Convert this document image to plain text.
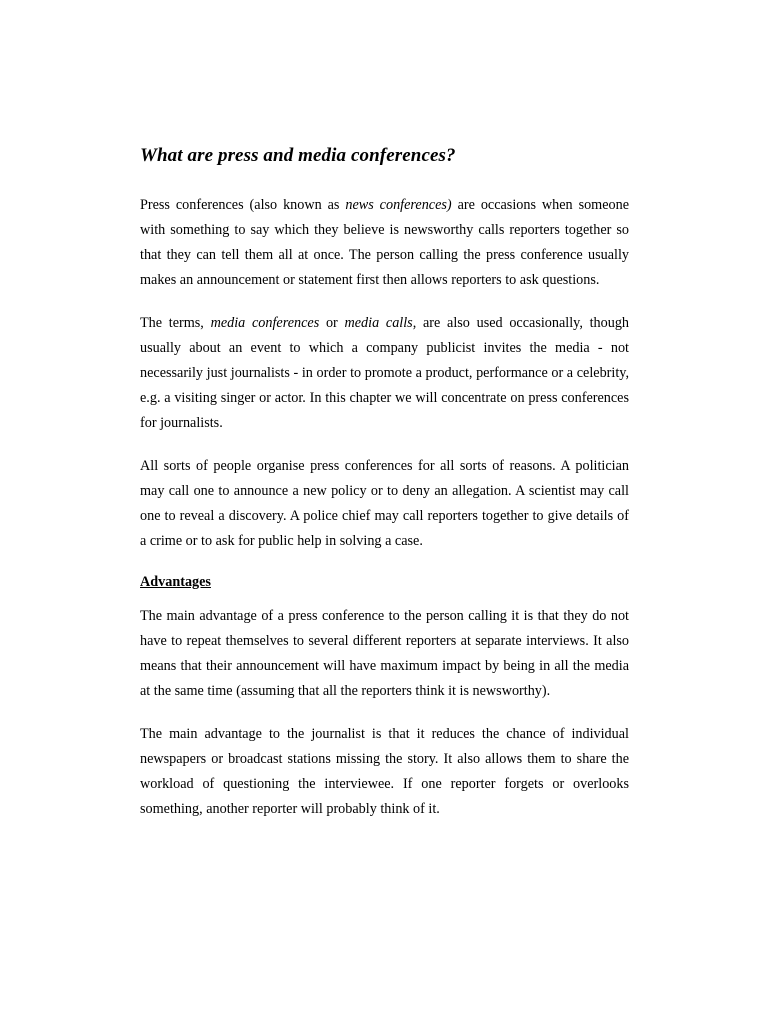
What are press and media conferences?

Press conferences (also known as news conferences) are occasions when someone with something to say which they believe is newsworthy calls reporters together so that they can tell them all at once. The person calling the press conference usually makes an announcement or statement first then allows reporters to ask questions.

The terms, media conferences or media calls, are also used occasionally, though usually about an event to which a company publicist invites the media - not necessarily just journalists - in order to promote a product, performance or a celebrity, e.g. a visiting singer or actor. In this chapter we will concentrate on press conferences for journalists.

All sorts of people organise press conferences for all sorts of reasons. A politician may call one to announce a new policy or to deny an allegation. A scientist may call one to reveal a discovery. A police chief may call reporters together to give details of a crime or to ask for public help in solving a case.

Advantages

The main advantage of a press conference to the person calling it is that they do not have to repeat themselves to several different reporters at separate interviews. It also means that their announcement will have maximum impact by being in all the media at the same time (assuming that all the reporters think it is newsworthy).

The main advantage to the journalist is that it reduces the chance of individual newspapers or broadcast stations missing the story. It also allows them to share the workload of questioning the interviewee. If one reporter forgets or overlooks something, another reporter will probably think of it.
